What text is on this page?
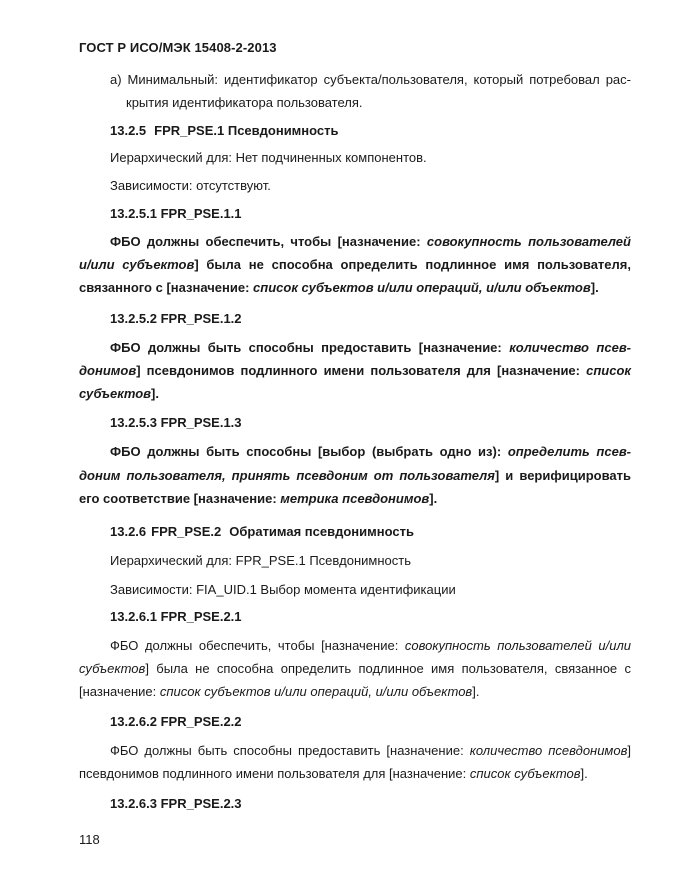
ГОСТ Р ИСО/МЭК 15408-2-2013

а) Минимальный: идентификатор субъекта/пользователя, который потребовал рас-

крытия идентификатора пользователя.

13.2.5 FPR_PSE.1 Псевдонимность

Иерархический для: Нет подчиненных компонентов.

Зависимости: отсутствуют.

13.2.5.1 FPR_PSE.1.1

ФБО должны обеспечить, чтобы [назначение: совокупность пользователей

и/или субъектов] была не способна определить подлинное имя пользователя,

связанного с [назначение: список субъектов и/или операций, и/или объектов].

13.2.5.2 FPR_PSE.1.2

ФБО должны быть способны предоставить [назначение: количество псев-

донимов] псевдонимов подлинного имени пользователя для [назначение: список

субъектов].

13.2.5.3 FPR_PSE.1.3

ФБО должны быть способны [выбор (выбрать одно из): определить псев-

доним пользователя, принять псевдоним от пользователя] и верифицировать

его соответствие [назначение: метрика псевдонимов].

13.2.6 FPR_PSE.2 Обратимая псевдонимность

Иерархический для: FPR_PSE.1 Псевдонимность

Зависимости: FIA_UID.1 Выбор момента идентификации

13.2.6.1 FPR_PSE.2.1

ФБО должны обеспечить, чтобы [назначение: совокупность пользователей и/или

субъектов] была не способна определить подлинное имя пользователя, связанное с

[назначение: список субъектов и/или операций, и/или объектов].

13.2.6.2 FPR_PSE.2.2

ФБО должны быть способны предоставить [назначение: количество псевдонимов]

псевдонимов подлинного имени пользователя для [назначение: список субъектов].

13.2.6.3 FPR_PSE.2.3

118
